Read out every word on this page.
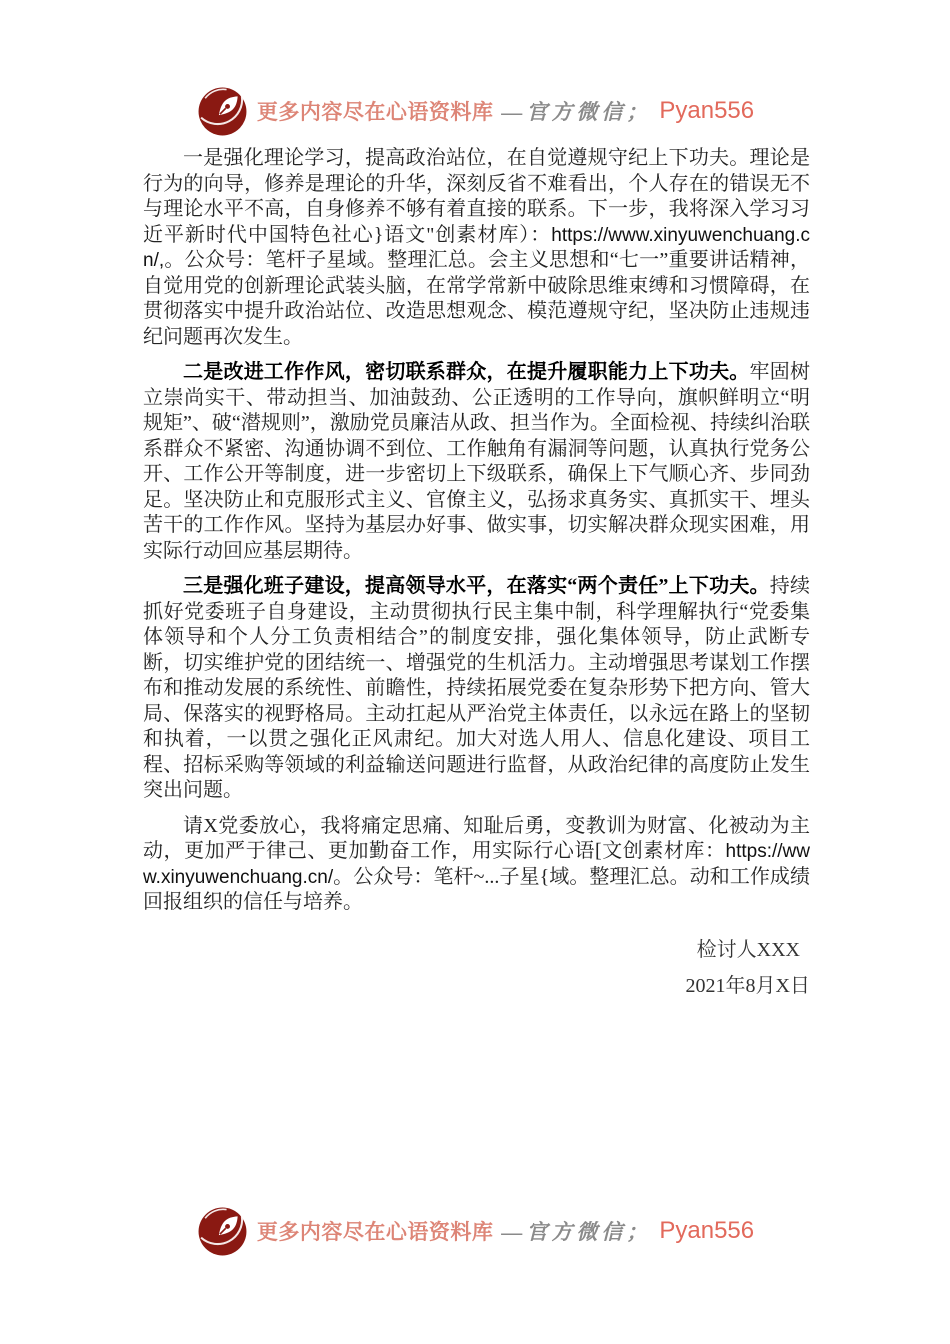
更多内容尽在心语资料库 —官方微信； Pyan556

一是强化理论学习，提高政治站位，在自觉遵规守纪上下功夫。理论是行为的向导，修养是理论的升华，深刻反省不难看出，个人存在的错误无不与理论水平不高，自身修养不够有着直接的联系。下一步，我将深入学习习近平新时代中国特色社心}语文"创素材库）：https://www.xinyuwenchuang.cn/,。公众号：笔杆子星域。整理汇总。会主义思想和“七一”重要讲话精神，自觉用党的创新理论武装头脑，在常学常新中破除思维束缚和习惯障碍，在贯彻落实中提升政治站位、改造思想观念、模范遵规守纪，坚决防止违规违纪问题再次发生。

二是改进工作作风，密切联系群众，在提升履职能力上下功夫。牢固树立崇尚实干、带动担当、加油鼓劲、公正透明的工作导向，旗帜鲜明立“明规矩”、破“潜规则”，激励党员廉洁从政、担当作为。全面检视、持续纠治联系群众不紧密、沟通协调不到位、工作触角有漏洞等问题，认真执行党务公开、工作公开等制度，进一步密切上下级联系，确保上下气顺心齐、步同劲足。坚决防止和克服形式主义、官僚主义，弘扬求真务实、真抓实干、埋头苦干的工作作风。坚持为基层办好事、做实事，切实解决群众现实困难，用实际行动回应基层期待。

三是强化班子建设，提高领导水平，在落实“两个责任”上下功夫。持续抓好党委班子自身建设，主动贯彻执行民主集中制，科学理解执行“党委集体领导和个人分工负责相结合”的制度安排，强化集体领导，防止武断专断，切实维护党的团结统一、增强党的生机活力。主动增强思考谋划工作摆布和推动发展的系统性、前瞻性，持续拓展党委在复杂形势下把方向、管大局、保落实的视野格局。主动扛起从严治党主体责任，以永远在路上的坚韧和执着，一以贯之强化正风肃纪。加大对选人用人、信息化建设、项目工程、招标采购等领域的利益输送问题进行监督，从政治纪律的高度防止发生突出问题。

请X党委放心，我将痛定思痛、知耻后勇，变教训为财富、化被动为主动，更加严于律己、更加勤奋工作，用实际行心语[文创素材库：https://www.xinyuwenchuang.cn/。公众号：笔杆~...子星{域。整理汇总。动和工作成绩回报组织的信任与培养。

检讨人XXX

2021年8月X日

更多内容尽在心语资料库 —官方微信； Pyan556
